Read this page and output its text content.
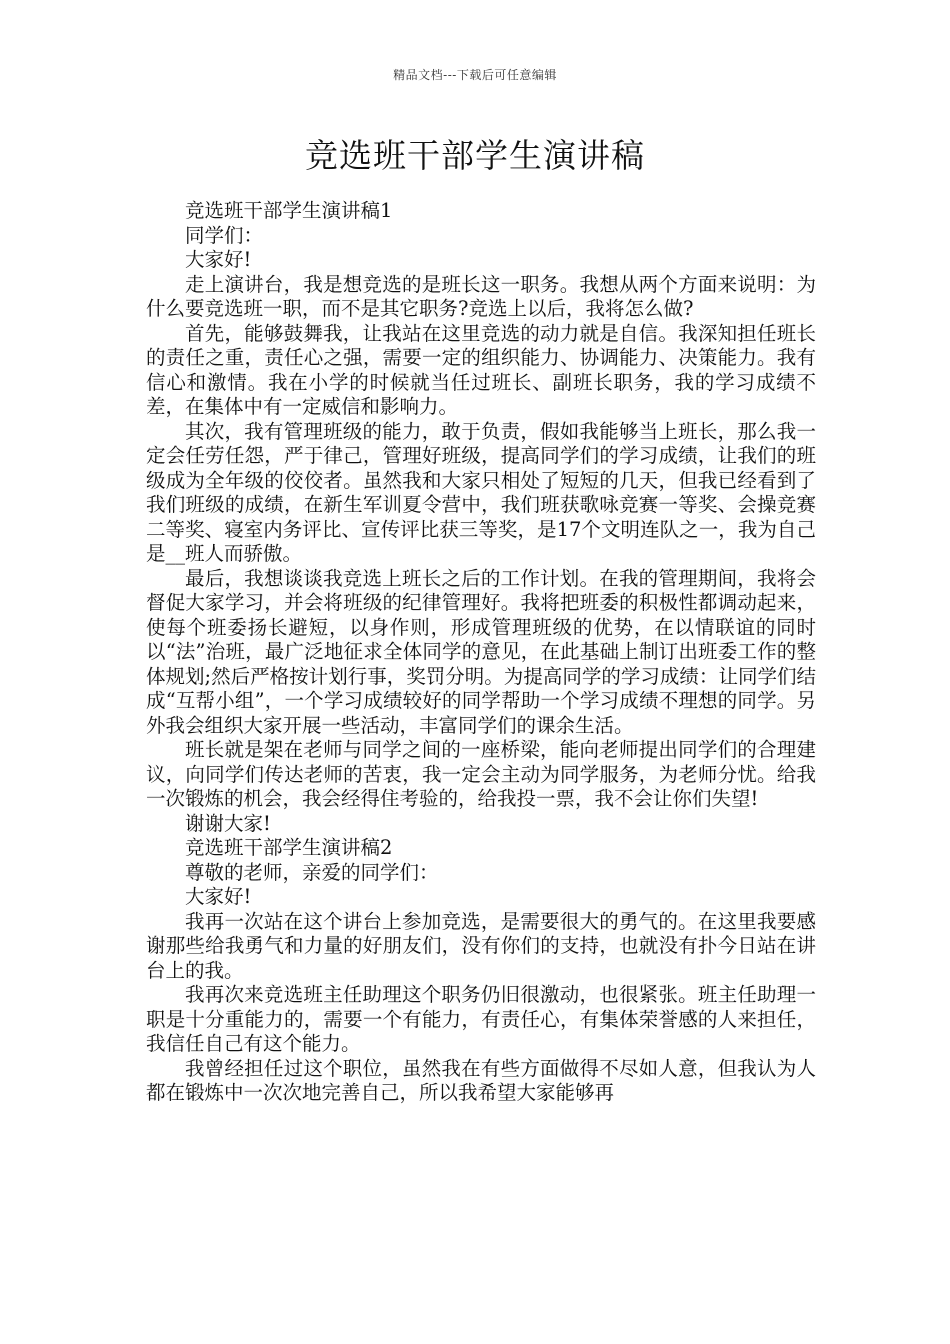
精品文档---下载后可任意编辑
竞选班干部学生演讲稿

竞选班干部学生演讲稿1

同学们：

大家好!

走上演讲台，我是想竞选的是班长这一职务。我想从两个方面来说明：为什么要竞选班一职，而不是其它职务?竞选上以后，我将怎么做?

首先，能够鼓舞我，让我站在这里竞选的动力就是自信。我深知担任班长的责任之重，责任心之强，需要一定的组织能力、协调能力、决策能力。我有信心和激情。我在小学的时候就当任过班长、副班长职务，我的学习成绩不差，在集体中有一定威信和影响力。

其次，我有管理班级的能力，敢于负责，假如我能够当上班长，那么我一定会任劳任怨，严于律己，管理好班级，提高同学们的学习成绩，让我们的班级成为全年级的佼佼者。虽然我和大家只相处了短短的几天，但我已经看到了我们班级的成绩，在新生军训夏令营中，我们班获歌咏竞赛一等奖、会操竞赛二等奖、寝室内务评比、宣传评比获三等奖，是17个文明连队之一，我为自己是__班人而骄傲。

最后，我想谈谈我竞选上班长之后的工作计划。在我的管理期间，我将会督促大家学习，并会将班级的纪律管理好。我将把班委的积极性都调动起来，使每个班委扬长避短，以身作则，形成管理班级的优势，在以情联谊的同时以“法”治班，最广泛地征求全体同学的意见，在此基础上制订出班委工作的整体规划;然后严格按计划行事，奖罚分明。为提高同学的学习成绩：让同学们结成“互帮小组”，一个学习成绩较好的同学帮助一个学习成绩不理想的同学。另外我会组织大家开展一些活动，丰富同学们的课余生活。

班长就是架在老师与同学之间的一座桥梁，能向老师提出同学们的合理建议，向同学们传达老师的苦衷，我一定会主动为同学服务，为老师分忧。给我一次锻炼的机会，我会经得住考验的，给我投一票，我不会让你们失望!

谢谢大家!

竞选班干部学生演讲稿2

尊敬的老师，亲爱的同学们：

大家好!

我再一次站在这个讲台上参加竞选，是需要很大的勇气的。在这里我要感谢那些给我勇气和力量的好朋友们，没有你们的支持，也就没有扑今日站在讲台上的我。

我再次来竞选班主任助理这个职务仍旧很激动，也很紧张。班主任助理一职是十分重能力的，需要一个有能力，有责任心，有集体荣誉感的人来担任，我信任自己有这个能力。

我曾经担任过这个职位，虽然我在有些方面做得不尽如人意，但我认为人都在锻炼中一次次地完善自己，所以我希望大家能够再
